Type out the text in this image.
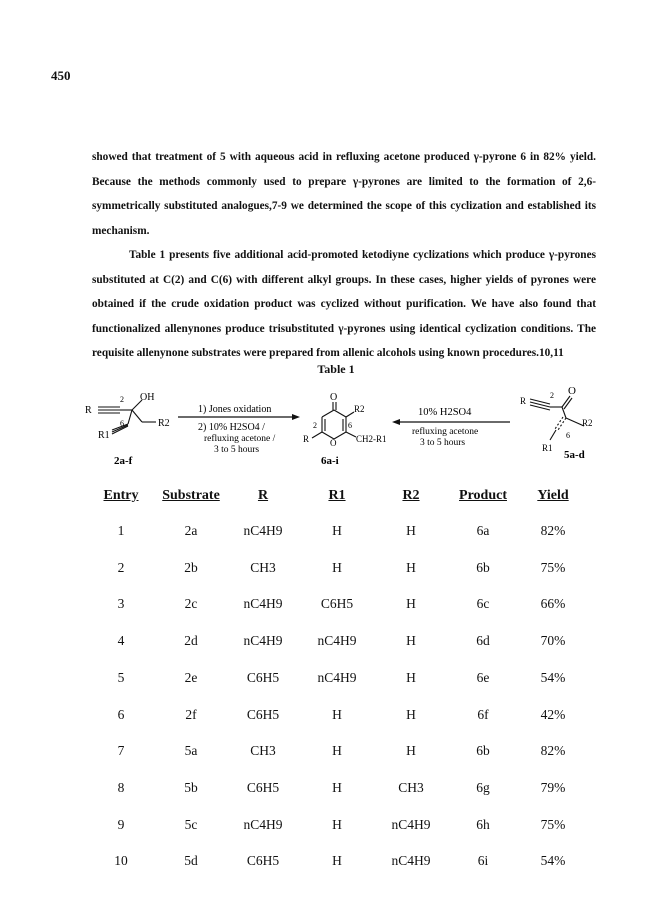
450
showed that treatment of 5 with aqueous acid in refluxing acetone produced γ-pyrone 6 in 82% yield.
Because the methods commonly used to prepare γ-pyrones are limited to the formation of 2,6-
symmetrically substituted analogues,7-9 we determined the scope of this cyclization and established its
mechanism.
Table 1 presents five additional acid-promoted ketodiyne cyclizations which produce γ-pyrones
substituted at C(2) and C(6) with different alkyl groups. In these cases, higher yields of pyrones were
obtained if the crude oxidation product was cyclized without purification. We have also found that
functionalized allenynones produce trisubstituted γ-pyrones using identical cyclization conditions. The
requisite allenynone substrates were prepared from allenic alcohols using known procedures.10,11
Table 1
R
2 OH
R1
6	R2
2a-f
1) Jones oxidation
2) 10% H2SO4 /
refluxing acetone /
3 to 5 hours
O
O
R2
2	6
R	CH2-R1
6a-i
10% H2SO4
refluxing acetone
3 to 5 hours
R
2 O
R2
6
R1
5a-d
Entry Substrate	R	R1	R2	Product Yield
1	2a	nC4H9	H	H	6a	82%
2	2b	CH3	H	H	6b	75%
3	2c	nC4H9	C6H5	H	6c	66%
4	2d	nC4H9	nC4H9	H	6d	70%
5	2e	C6H5	nC4H9	H	6e	54%
6	2f	C6H5	H	H	6f	42%
7	5a	CH3	H	H	6b	82%
8	5b	C6H5	H	CH3	6g	79%
9	5c	nC4H9	H	nC4H9	6h	75%
10	5d	C6H5	H	nC4H9	6i	54%
